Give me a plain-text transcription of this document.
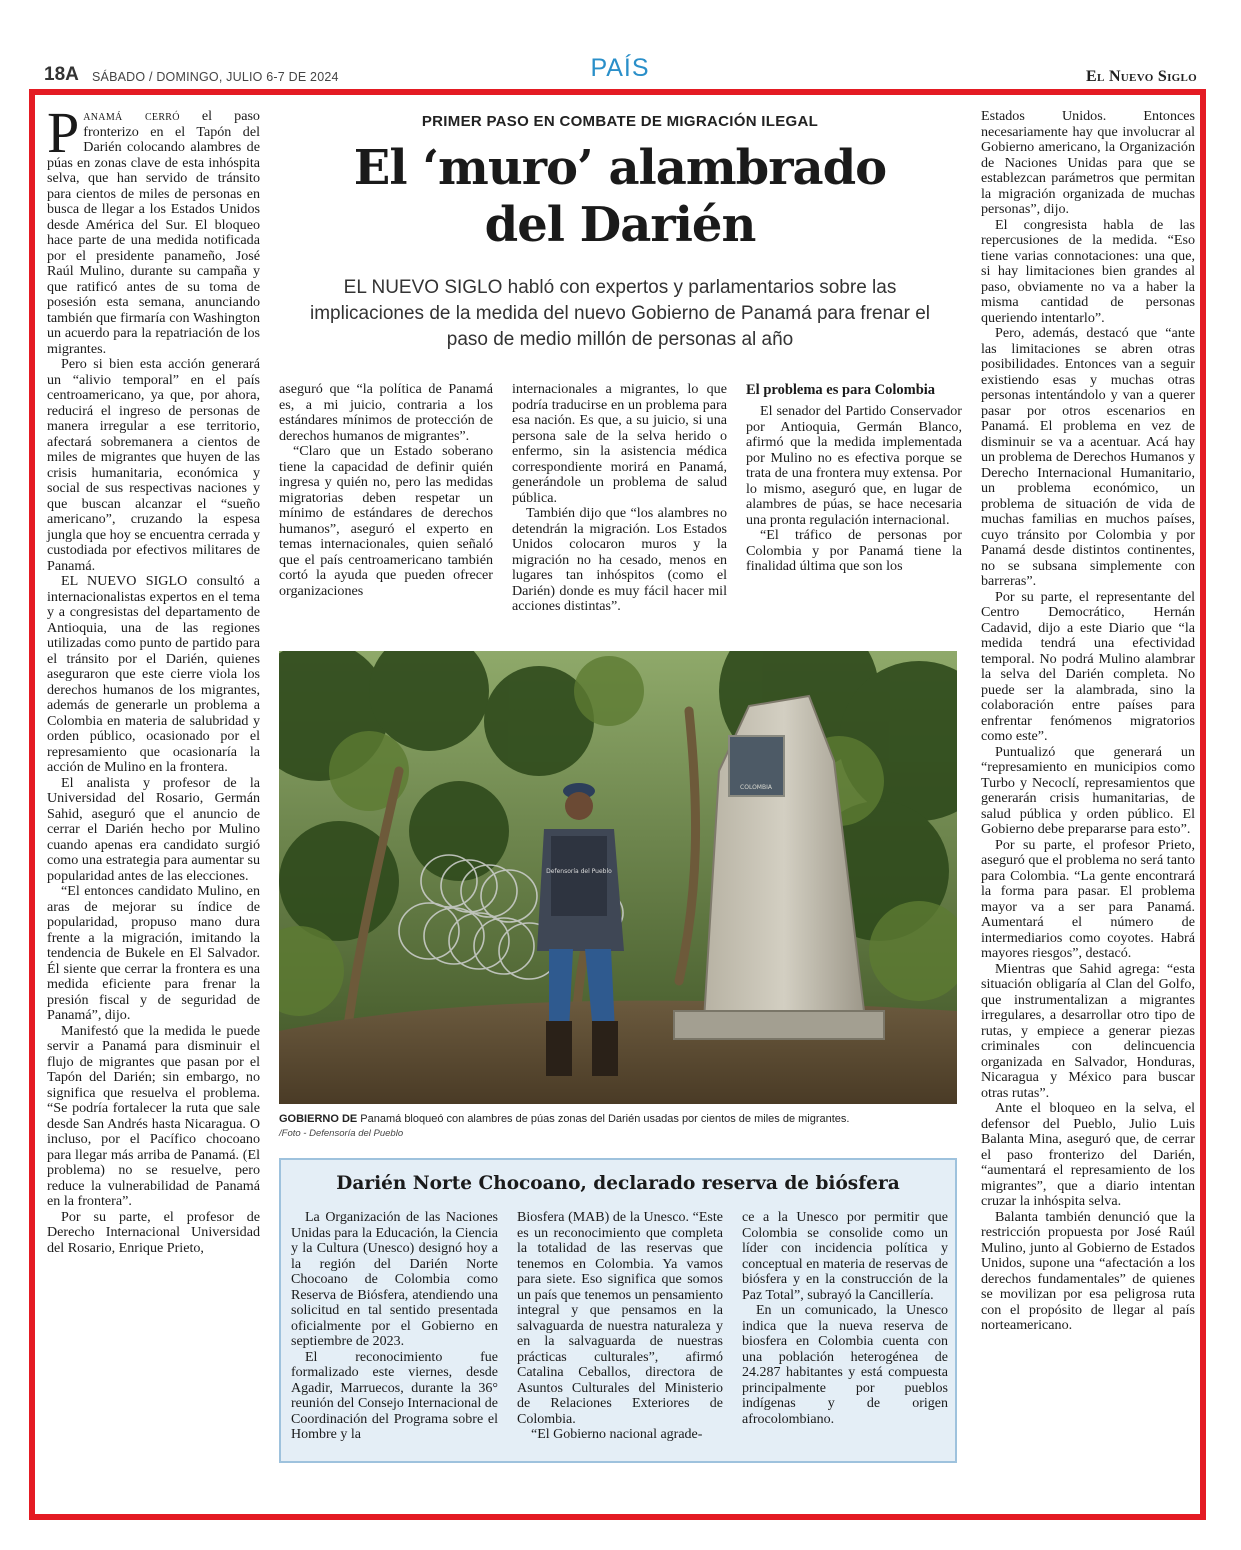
18A SÁBADO / DOMINGO, JULIO 6-7 DE 2024	PAÍS	El Nuevo Siglo

Panamá cerró el paso fronterizo en el Tapón del Darién colocando alambres de púas en zonas clave de esta inhóspita selva, que han servido de tránsito para cientos de miles de personas en busca de llegar a los Estados Unidos desde América del Sur. El bloqueo hace parte de una medida notificada por el presidente panameño, José Raúl Mulino, durante su campaña y que ratificó antes de su toma de posesión esta semana, anunciando también que firmaría con Washington un acuerdo para la repatriación de los migrantes.

Pero si bien esta acción generará un “alivio temporal” en el país centroamericano, ya que, por ahora, reducirá el ingreso de personas de manera irregular a ese territorio, afectará sobremanera a cientos de miles de migrantes que huyen de las crisis humanitaria, económica y social de sus respectivas naciones y que buscan alcanzar el “sueño americano”, cruzando la espesa jungla que hoy se encuentra cerrada y custodiada por efectivos militares de Panamá.

EL NUEVO SIGLO consultó a internacionalistas expertos en el tema y a congresistas del departamento de Antioquia, una de las regiones utilizadas como punto de partido para el tránsito por el Darién, quienes aseguraron que este cierre viola los derechos humanos de los migrantes, además de generarle un problema a Colombia en materia de salubridad y orden público, ocasionado por el represamiento que ocasionaría la acción de Mulino en la frontera.

El analista y profesor de la Universidad del Rosario, Germán Sahid, aseguró que el anuncio de cerrar el Darién hecho por Mulino cuando apenas era candidato surgió como una estrategia para aumentar su popularidad antes de las elecciones.

“El entonces candidato Mulino, en aras de mejorar su índice de popularidad, propuso mano dura frente a la migración, imitando la tendencia de Bukele en El Salvador. Él siente que cerrar la frontera es una medida eficiente para frenar la presión fiscal y de seguridad de Panamá”, dijo.

Manifestó que la medida le puede servir a Panamá para disminuir el flujo de migrantes que pasan por el Tapón del Darién; sin embargo, no significa que resuelva el problema. “Se podría fortalecer la ruta que sale desde San Andrés hasta Nicaragua. O incluso, por el Pacífico chocoano para llegar más arriba de Panamá. (El problema) no se resuelve, pero reduce la vulnerabilidad de Panamá en la frontera”.

Por su parte, el profesor de Derecho Internacional Universidad del Rosario, Enrique Prieto,

PRIMER PASO EN COMBATE DE MIGRACIÓN ILEGAL
El ‘muro’ alambrado
del Darién
EL NUEVO SIGLO habló con expertos y parlamentarios sobre las implicaciones de la medida del nuevo Gobierno de Panamá para frenar el paso de medio millón de personas al año

aseguró que “la política de Panamá es, a mi juicio, contraria a los estándares mínimos de protección de derechos humanos de migrantes”.

“Claro que un Estado soberano tiene la capacidad de definir quién ingresa y quién no, pero las medidas migratorias deben respetar un mínimo de estándares de derechos humanos”, aseguró el experto en temas internacionales, quien señaló que el país centroamericano también cortó la ayuda que pueden ofrecer organizaciones

internacionales a migrantes, lo que podría traducirse en un problema para esa nación. Es que, a su juicio, si una persona sale de la selva herido o enfermo, sin la asistencia médica correspondiente morirá en Panamá, generándole un problema de salud pública.

También dijo que “los alambres no detendrán la migración. Los Estados Unidos colocaron muros y la migración no ha cesado, menos en lugares tan inhóspitos (como el Darién) donde es muy fácil hacer mil acciones distintas”.

El problema es para Colombia

El senador del Partido Conservador por Antioquia, Germán Blanco, afirmó que la medida implementada por Mulino no es efectiva porque se trata de una frontera muy extensa. Por lo mismo, aseguró que, en lugar de alambres de púas, se hace necesaria una pronta regulación internacional.

“El tráfico de personas por Colombia y por Panamá tiene la finalidad última que son los

Estados Unidos. Entonces necesariamente hay que involucrar al Gobierno americano, la Organización de Naciones Unidas para que se establezcan parámetros que permitan la migración organizada de muchas personas”, dijo.

El congresista habla de las repercusiones de la medida. “Eso tiene varias connotaciones: una que, si hay limitaciones bien grandes al paso, obviamente no va a haber la misma cantidad de personas queriendo intentarlo”.

Pero, además, destacó que “ante las limitaciones se abren otras posibilidades. Entonces van a seguir existiendo esas y muchas otras personas intentándolo y van a querer pasar por otros escenarios en Panamá. El problema en vez de disminuir se va a acentuar. Acá hay un problema de Derechos Humanos y Derecho Internacional Humanitario, un problema económico, un problema de situación de vida de muchas familias en muchos países, cuyo tránsito por Colombia y por Panamá desde distintos continentes, no se subsana simplemente con barreras”.

Por su parte, el representante del Centro Democrático, Hernán Cadavid, dijo a este Diario que “la medida tendrá una efectividad temporal. No podrá Mulino alambrar la selva del Darién completa. No puede ser la alambrada, sino la colaboración entre países para enfrentar fenómenos migratorios como este”.

Puntualizó que generará un “represamiento en municipios como Turbo y Necoclí, represamientos que generarán crisis humanitarias, de salud pública y orden público. El Gobierno debe prepararse para esto”.

Por su parte, el profesor Prieto, aseguró que el problema no será tanto para Colombia. “La gente encontrará la forma para pasar. El problema mayor va a ser para Panamá. Aumentará el número de intermediarios como coyotes. Habrá mayores riesgos”, destacó.

Mientras que Sahid agrega: “esta situación obligaría al Clan del Golfo, que instrumentalizan a migrantes irregulares, a desarrollar otro tipo de rutas, y empiece a generar piezas criminales con delincuencia organizada en Salvador, Honduras, Nicaragua y México para buscar otras rutas”.

Ante el bloqueo en la selva, el defensor del Pueblo, Julio Luis Balanta Mina, aseguró que, de cerrar el paso fronterizo del Darién, “aumentará el represamiento de los migrantes”, que a diario intentan cruzar la inhóspita selva.

Balanta también denunció que la restricción propuesta por José Raúl Mulino, junto al Gobierno de Estados Unidos, supone una “afectación a los derechos fundamentales” de quienes se movilizan por esa peligrosa ruta con el propósito de llegar al país norteamericano.

COLOMBIA
Defensoría del Pueblo
GOBIERNO DE Panamá bloqueó con alambres de púas zonas del Darién usadas por cientos de miles de migrantes.
/Foto - Defensoría del Pueblo
Darién Norte Chocoano, declarado reserva de biósfera

La Organización de las Naciones Unidas para la Educación, la Ciencia y la Cultura (Unesco) designó hoy a la región del Darién Norte Chocoano de Colombia como Reserva de Biósfera, atendiendo una solicitud en tal sentido presentada oficialmente por el Gobierno en septiembre de 2023.

El reconocimiento fue formalizado este viernes, desde Agadir, Marruecos, durante la 36° reunión del Consejo Internacional de Coordinación del Programa sobre el Hombre y la

Biosfera (MAB) de la Unesco. “Este es un reconocimiento que completa la totalidad de las reservas que tenemos en Colombia. Ya vamos para siete. Eso significa que somos un país que tenemos un pensamiento integral y que pensamos en la salvaguarda de nuestra naturaleza y en la salvaguarda de nuestras prácticas culturales”, afirmó Catalina Ceballos, directora de Asuntos Culturales del Ministerio de Relaciones Exteriores de Colombia.

“El Gobierno nacional agrade-

ce a la Unesco por permitir que Colombia se consolide como un líder con incidencia política y conceptual en materia de reservas de biósfera y en la construcción de la Paz Total”, subrayó la Cancillería.

En un comunicado, la Unesco indica que la nueva reserva de biosfera en Colombia cuenta con una población heterogénea de 24.287 habitantes y está compuesta principalmente por pueblos indígenas y de origen afrocolombiano.
